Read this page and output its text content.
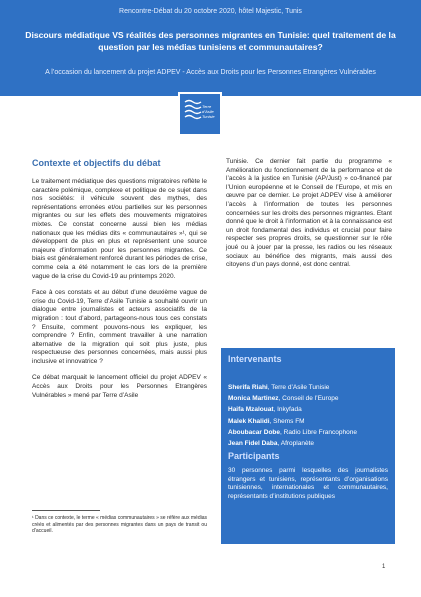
Rencontre-Débat du 20 octobre 2020, hôtel Majestic, Tunis
Discours médiatique VS réalités des personnes migrantes en Tunisie: quel traitement de la question par les médias tunisiens et communautaires?
A l’occasion du lancement du projet ADPEV - Accès aux Droits pour les Personnes Etrangères Vulnérables
Terre d’Asile Tunisie
Contexte et objectifs du débat

Le traitement médiatique des questions migratoires reflète le caractère polémique, complexe et politique de ce sujet dans nos sociétés: il véhicule souvent des mythes, des représentations erronées et/ou partielles sur les personnes migrantes ou sur les effets des mouvements migratoires mixtes. Ce constat concerne aussi bien les médias nationaux que les médias dits « communautaires »¹, qui se développent de plus en plus et représentent une source majeure d’information pour les personnes migrantes. Ce biais est généralement renforcé durant les périodes de crise, comme cela a été notamment le cas lors de la première vague de la crise du Covid-19 au printemps 2020.

Face à ces constats et au début d’une deuxième vague de crise du Covid-19, Terre d’Asile Tunisie a souhaité ouvrir un dialogue entre journalistes et acteurs associatifs de la migration : tout d’abord, partageons-nous tous ces constats ? Ensuite, comment pouvons-nous les expliquer, les comprendre ? Enfin, comment travailler à une narration alternative de la migration qui soit plus juste, plus respectueuse des personnes concernées, mais aussi plus inclusive et innovatrice ?

Ce débat marquait le lancement officiel du projet ADPEV « Accès aux Droits pour les Personnes Etrangères Vulnérables » mené par Terre d’Asile

¹ Dans ce contexte, le terme « médias communautaires » se réfère aux médias créés et alimentés par des personnes migrantes dans un pays de transit ou d’accueil.

Tunisie. Ce dernier fait partie du programme « Amélioration du fonctionnement de la performance et de l’accès à la justice en Tunisie (AP/Just) » co-financé par l’Union européenne et le Conseil de l’Europe, et mis en œuvre par ce dernier. Le projet ADPEV vise à améliorer l’accès à l’information de toutes les personnes concernées sur les droits des personnes migrantes. Etant donné que le droit à l’information et à la connaissance est un droit fondamental des individus et crucial pour faire respecter ses propres droits, se questionner sur le rôle joué ou à jouer par la presse, les radios ou les réseaux sociaux au bénéfice des migrants, mais aussi des citoyens d’un pays donné, est donc central.

Intervenants
Sherifa Riahi, Terre d’Asile Tunisie
Monica Martinez, Conseil de l’Europe
Haifa Mzalouat, Inkyfada
Malek Khalidi, Shems FM
Aboubacar Dobe, Radio Libre Francophone
Jean Fidel Daba, Afroplanète
Participants
30 personnes parmi lesquelles des journalistes étrangers et tunisiens, représentants d’organisations tunisiennes, internationales et communautaires, représentants d’institutions publiques
1
